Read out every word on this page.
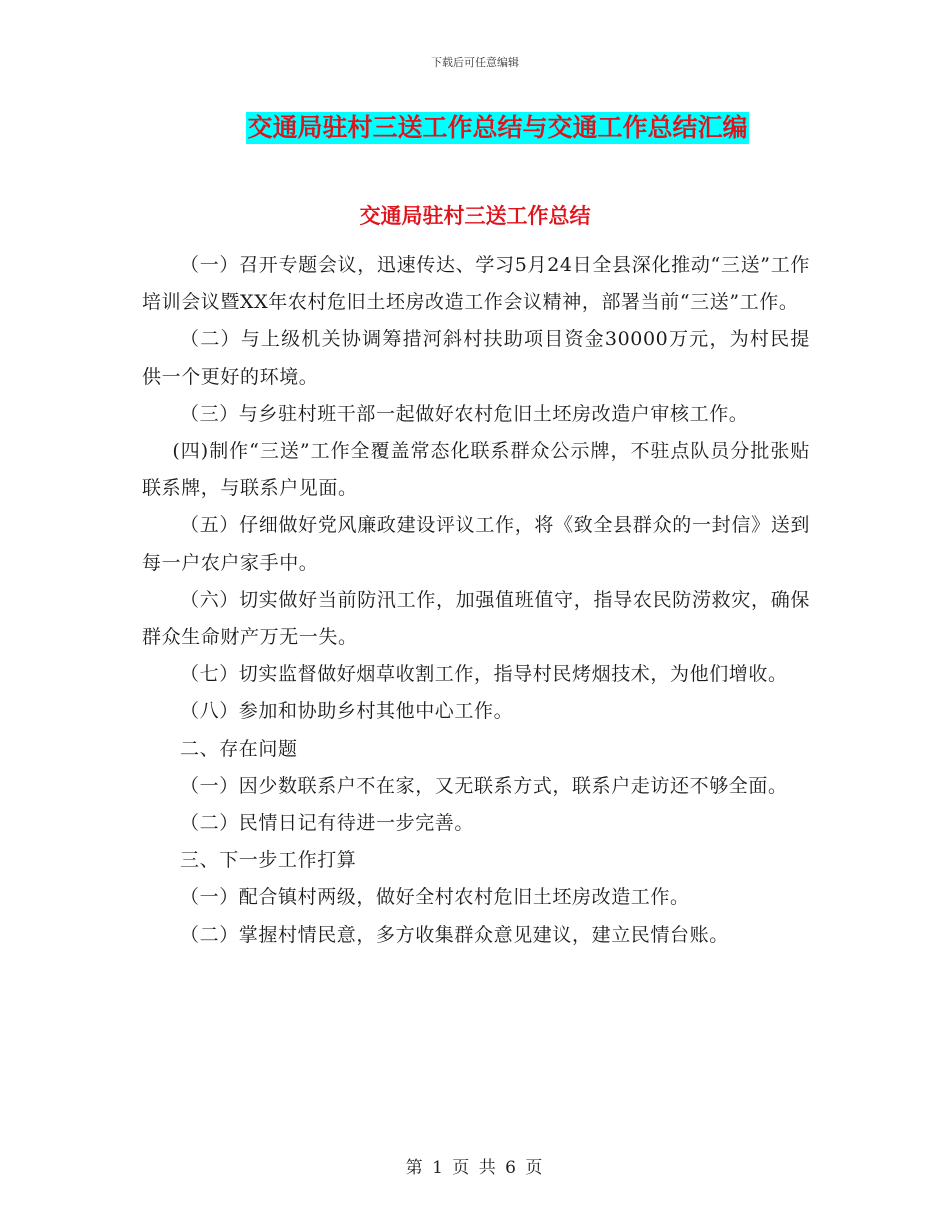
下载后可任意编辑
交通局驻村三送工作总结与交通工作总结汇编
交通局驻村三送工作总结

（一）召开专题会议，迅速传达、学习5月24日全县深化推动“三送”工作培训会议暨XX年农村危旧土坯房改造工作会议精神，部署当前“三送”工作。

（二）与上级机关协调筹措河斜村扶助项目资金30000万元，为村民提供一个更好的环境。

（三）与乡驻村班干部一起做好农村危旧土坯房改造户审核工作。

(四)制作“三送”工作全覆盖常态化联系群众公示牌，不驻点队员分批张贴联系牌，与联系户见面。

（五）仔细做好党风廉政建设评议工作，将《致全县群众的一封信》送到每一户农户家手中。

（六）切实做好当前防汛工作，加强值班值守，指导农民防涝救灾，确保群众生命财产万无一失。

（七）切实监督做好烟草收割工作，指导村民烤烟技术，为他们增收。

（八）参加和协助乡村其他中心工作。

二、存在问题

（一）因少数联系户不在家，又无联系方式，联系户走访还不够全面。

（二）民情日记有待进一步完善。

三、下一步工作打算

（一）配合镇村两级，做好全村农村危旧土坯房改造工作。

（二）掌握村情民意，多方收集群众意见建议，建立民情台账。

第 1 页 共 6 页
